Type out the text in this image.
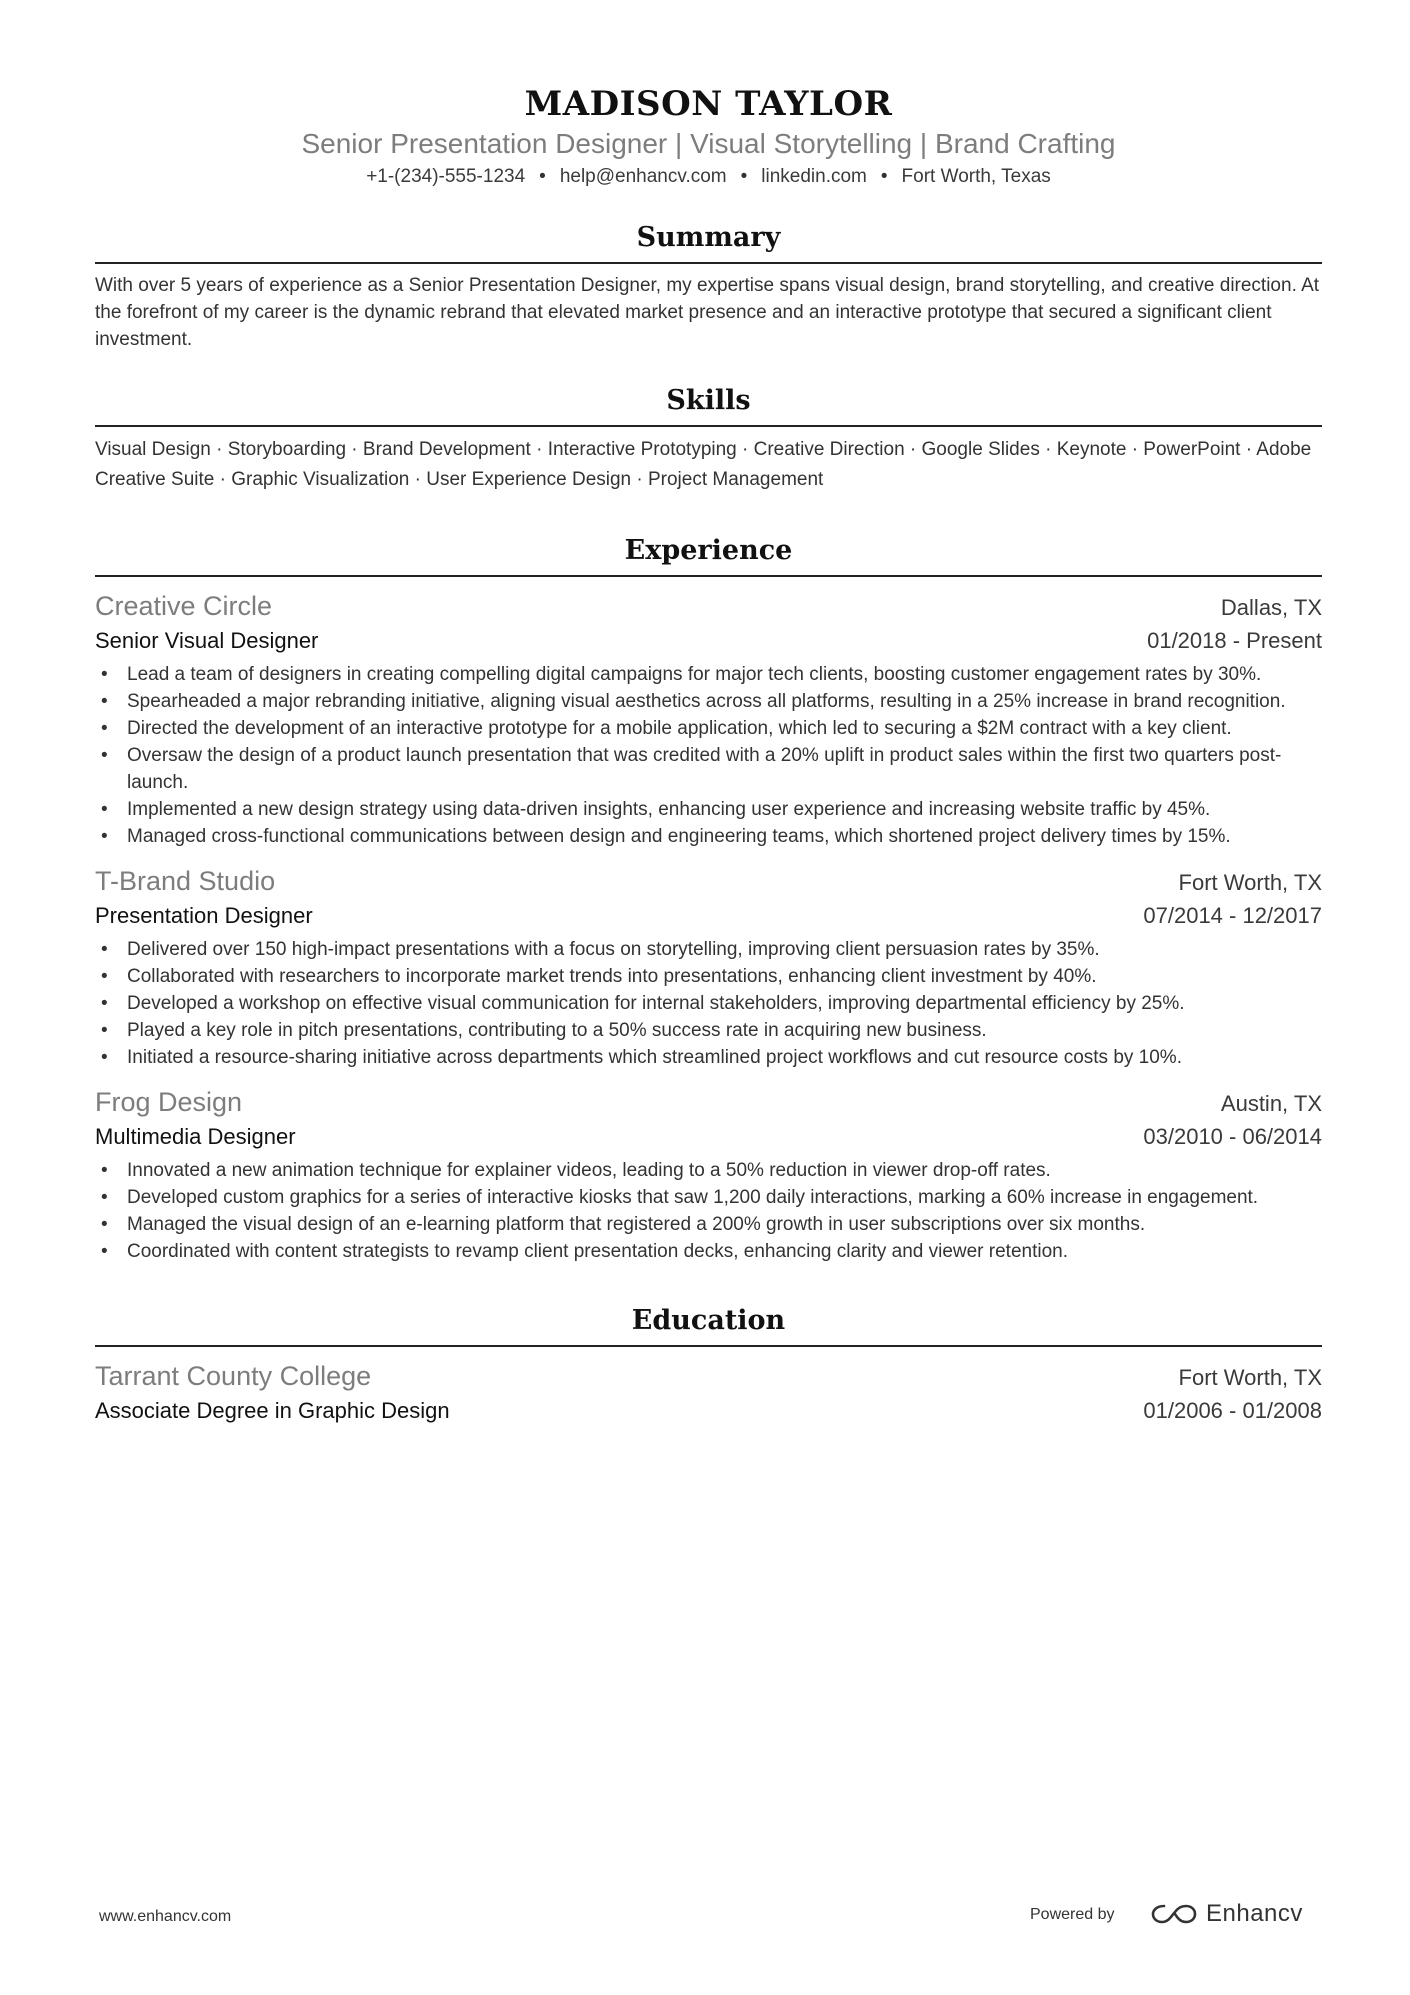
MADISON TAYLOR
Senior Presentation Designer | Visual Storytelling | Brand Crafting
+1-(234)-555-1234 • help@enhancv.com • linkedin.com • Fort Worth, Texas
Summary
With over 5 years of experience as a Senior Presentation Designer, my expertise spans visual design, brand storytelling, and creative direction. At the forefront of my career is the dynamic rebrand that elevated market presence and an interactive prototype that secured a significant client investment.
Skills
Visual Design · Storyboarding · Brand Development · Interactive Prototyping · Creative Direction · Google Slides · Keynote · PowerPoint · Adobe Creative Suite · Graphic Visualization · User Experience Design · Project Management
Experience
Creative Circle	Dallas, TX
Senior Visual Designer	01/2018 - Present
• Lead a team of designers in creating compelling digital campaigns for major tech clients, boosting customer engagement rates by 30%.
• Spearheaded a major rebranding initiative, aligning visual aesthetics across all platforms, resulting in a 25% increase in brand recognition.
• Directed the development of an interactive prototype for a mobile application, which led to securing a $2M contract with a key client.
• Oversaw the design of a product launch presentation that was credited with a 20% uplift in product sales within the first two quarters post-launch.
• Implemented a new design strategy using data-driven insights, enhancing user experience and increasing website traffic by 45%.
• Managed cross-functional communications between design and engineering teams, which shortened project delivery times by 15%.
T-Brand Studio	Fort Worth, TX
Presentation Designer	07/2014 - 12/2017
• Delivered over 150 high-impact presentations with a focus on storytelling, improving client persuasion rates by 35%.
• Collaborated with researchers to incorporate market trends into presentations, enhancing client investment by 40%.
• Developed a workshop on effective visual communication for internal stakeholders, improving departmental efficiency by 25%.
• Played a key role in pitch presentations, contributing to a 50% success rate in acquiring new business.
• Initiated a resource-sharing initiative across departments which streamlined project workflows and cut resource costs by 10%.
Frog Design	Austin, TX
Multimedia Designer	03/2010 - 06/2014
• Innovated a new animation technique for explainer videos, leading to a 50% reduction in viewer drop-off rates.
• Developed custom graphics for a series of interactive kiosks that saw 1,200 daily interactions, marking a 60% increase in engagement.
• Managed the visual design of an e-learning platform that registered a 200% growth in user subscriptions over six months.
• Coordinated with content strategists to revamp client presentation decks, enhancing clarity and viewer retention.
Education
Tarrant County College	Fort Worth, TX
Associate Degree in Graphic Design	01/2006 - 01/2008
www.enhancv.com	Powered by	Enhancv
